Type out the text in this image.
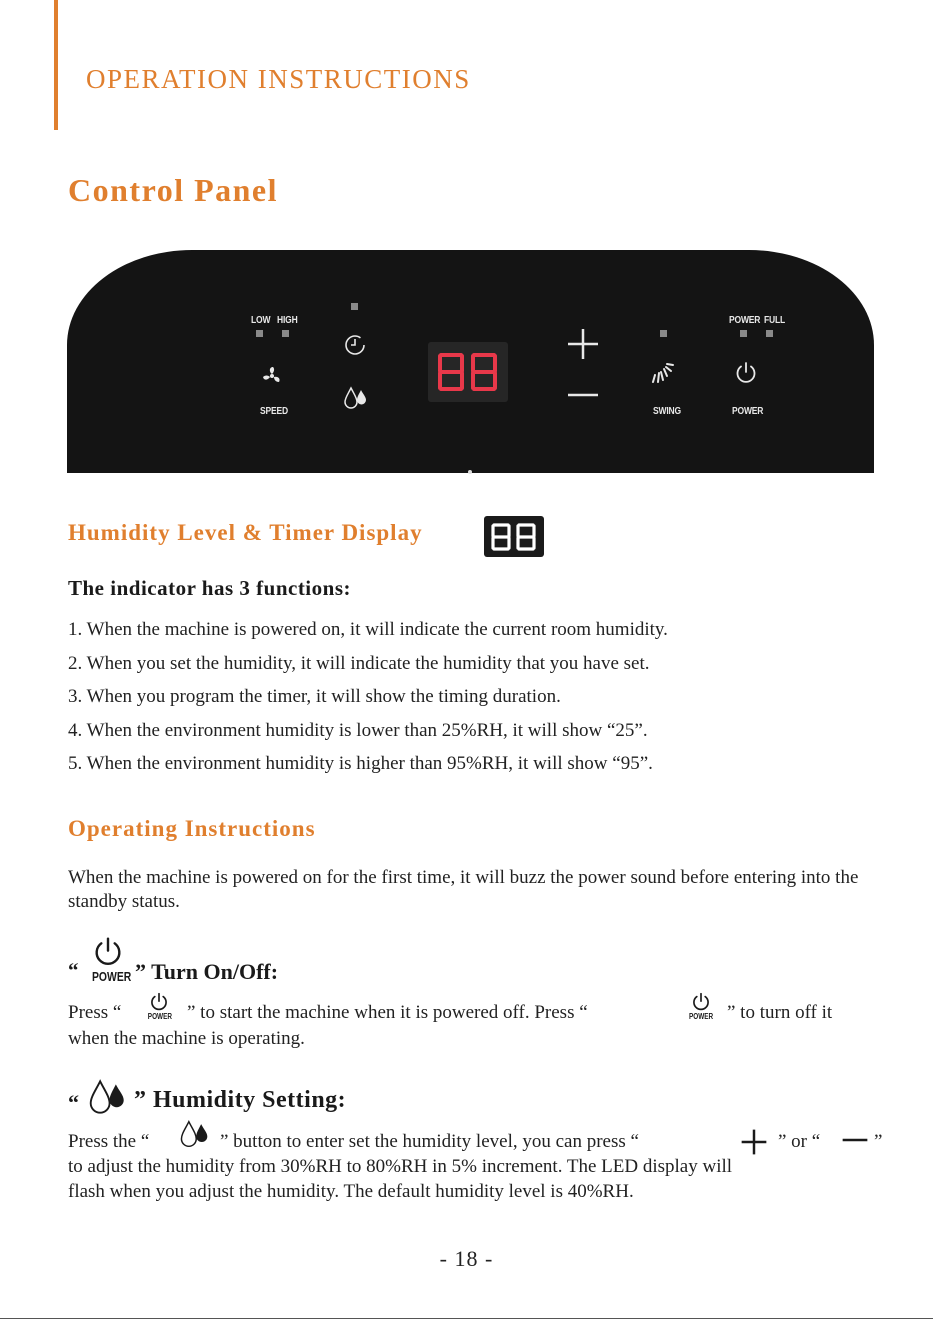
OPERATION INSTRUCTIONS
Control Panel
LOW HIGH
SPEED	SWING
POWER FULL
POWER
Humidity Level & Timer Display
The indicator has 3 functions:
1. When the machine is powered on, it will indicate the current room humidity.
2. When you set the humidity, it will indicate the humidity that you have set.
3. When you program the timer, it will show the timing duration.
4. When the environment humidity is lower than 25%RH, it will show “25”.
5. When the environment humidity is higher than 95%RH, it will show “95”.
Operating Instructions

When the machine is powered on for the first time, it will buzz the power sound before entering into the standby status.

“ POWER ” Turn On/Off:
Press “	POWER ” to start the machine when it is powered off. Press “	POWER ” to turn off it
when the machine is operating.
“ ” Humidity Setting:
Press the “	” button to enter set the humidity level, you can press “	” or “	”
to adjust the humidity from 30%RH to 80%RH in 5% increment. The LED display will
flash when you adjust the humidity. The default humidity level is 40%RH.
- 18 -
